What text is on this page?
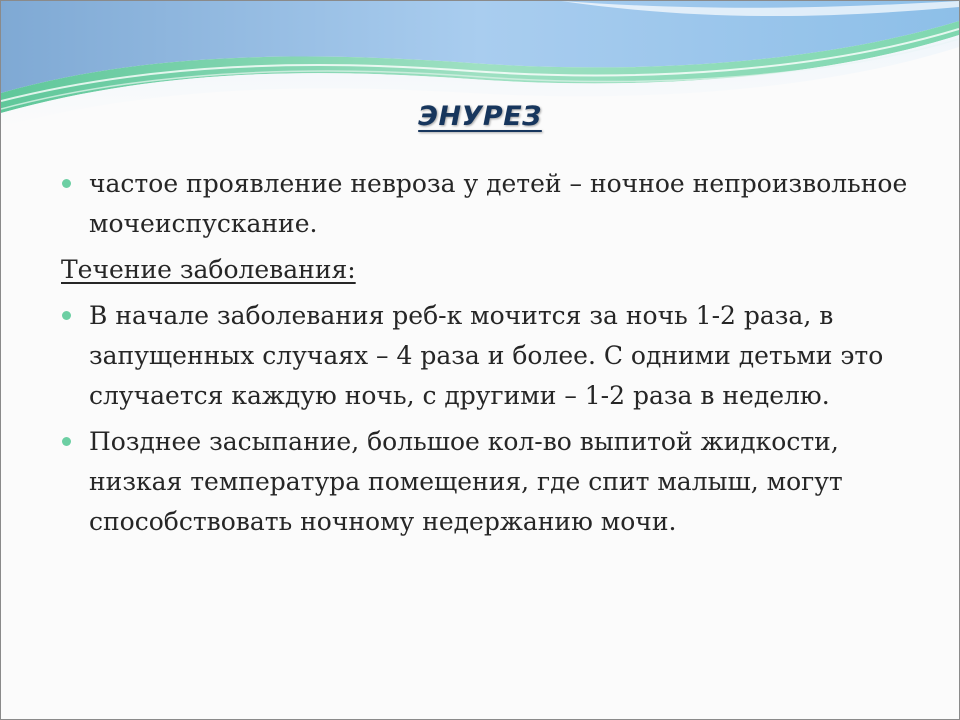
ЭНУРЕЗ
частое проявление невроза у детей – ночное непроизвольное мочеиспускание.
Течение заболевания:
В начале заболевания реб-к мочится за ночь 1-2 раза, в запущенных случаях – 4 раза и более. С одними детьми это случается каждую ночь, с другими – 1-2 раза в неделю.
Позднее засыпание, большое кол-во выпитой жидкости, низкая температура помещения, где спит малыш, могут способствовать ночному недержанию мочи.
